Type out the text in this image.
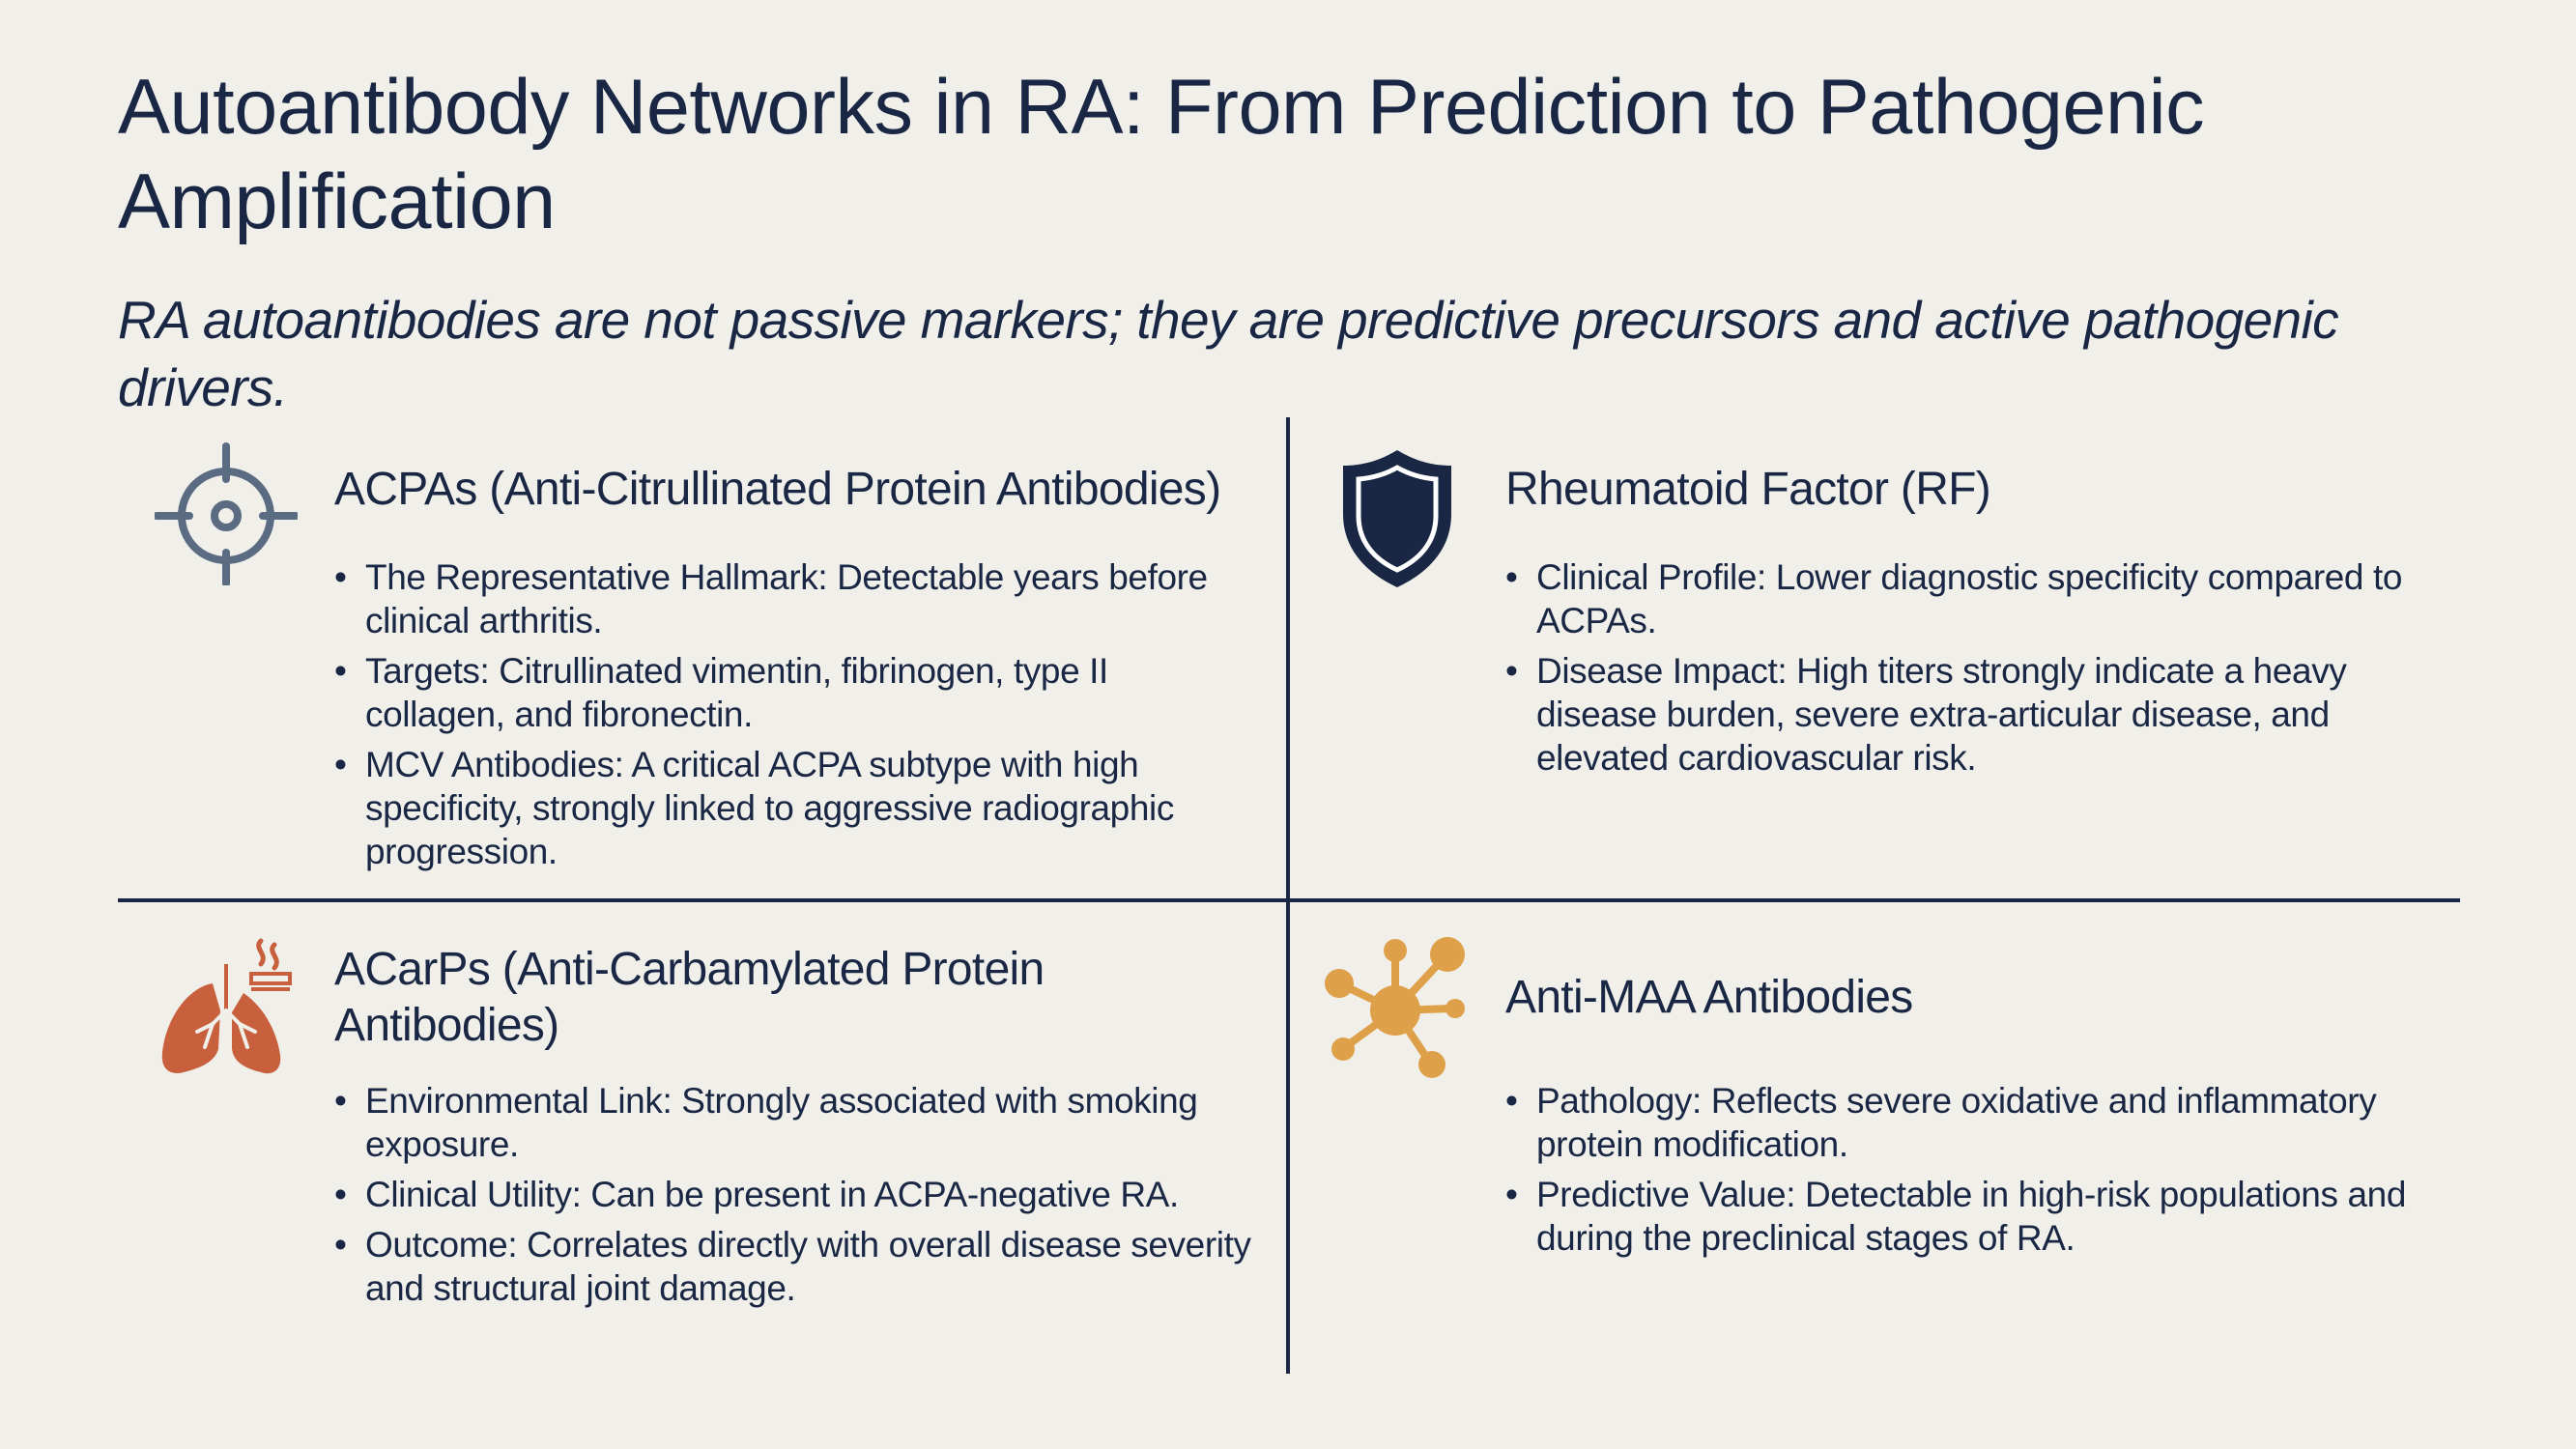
Autoantibody Networks in RA: From Prediction to Pathogenic Amplification

RA autoantibodies are not passive markers; they are predictive precursors and active pathogenic drivers.

ACPAs (Anti-Citrullinated Protein Antibodies)
• The Representative Hallmark: Detectable years before clinical arthritis.
• Targets: Citrullinated vimentin, fibrinogen, type II collagen, and fibronectin.
• MCV Antibodies: A critical ACPA subtype with high specificity, strongly linked to aggressive radiographic progression.
Rheumatoid Factor (RF)
• Clinical Profile: Lower diagnostic specificity compared to ACPAs.
• Disease Impact: High titers strongly indicate a heavy disease burden, severe extra-articular disease, and elevated cardiovascular risk.
ACarPs (Anti-Carbamylated Protein Antibodies)
• Environmental Link: Strongly associated with smoking exposure.
• Clinical Utility: Can be present in ACPA-negative RA.
• Outcome: Correlates directly with overall disease severity and structural joint damage.
Anti-MAA Antibodies
• Pathology: Reflects severe oxidative and inflammatory protein modification.
• Predictive Value: Detectable in high-risk populations and during the preclinical stages of RA.
